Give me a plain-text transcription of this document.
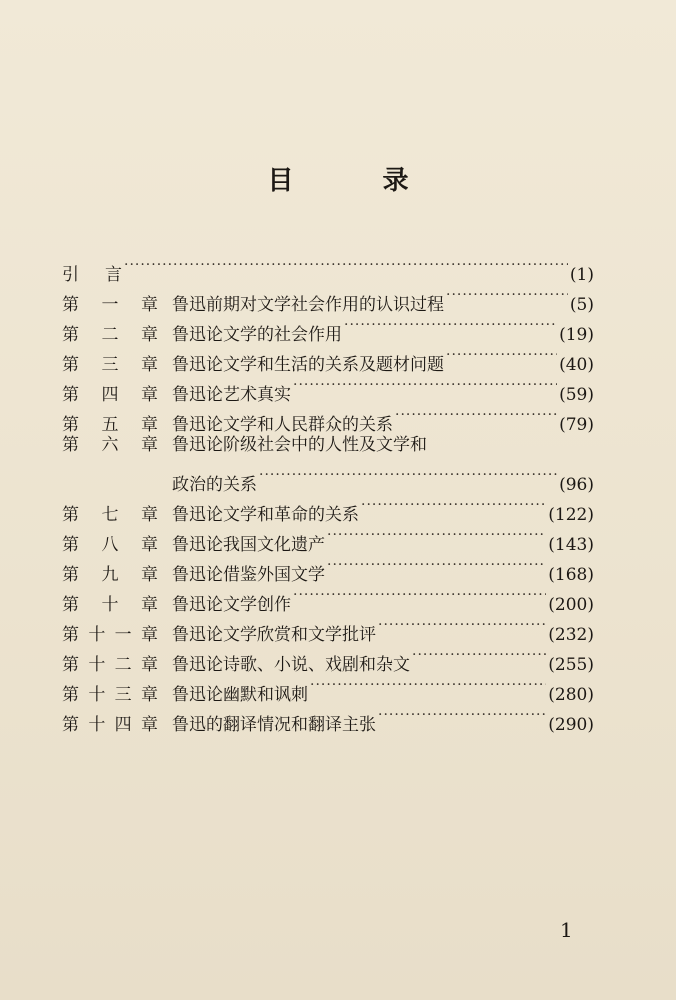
目 录
引 言 ·····	(1)
第 一 章 鲁迅前期对文学社会作用的认识过程 ·····	(5)
第 二 章 鲁迅论文学的社会作用 ·····	(19)
第 三 章 鲁迅论文学和生活的关系及题材问题 ·····	(40)
第 四 章 鲁迅论艺术真实 ·····	(59)
第 五 章 鲁迅论文学和人民群众的关系 ·····	(79)
第 六 章 鲁迅论阶级社会中的人性及文学和
政治的关系 ·····	(96)
第 七 章 鲁迅论文学和革命的关系 ·····	(122)
第 八 章 鲁迅论我国文化遗产 ·····	(143)
第 九 章 鲁迅论借鉴外国文学 ·····	(168)
第 十 章 鲁迅论文学创作 ·····	(200)
第十一章 鲁迅论文学欣赏和文学批评 ·····	(232)
第十二章 鲁迅论诗歌、小说、戏剧和杂文 ·····	(255)
第十三章 鲁迅论幽默和讽刺 ·····	(280)
第十四章 鲁迅的翻译情况和翻译主张 ·····	(290)
1
